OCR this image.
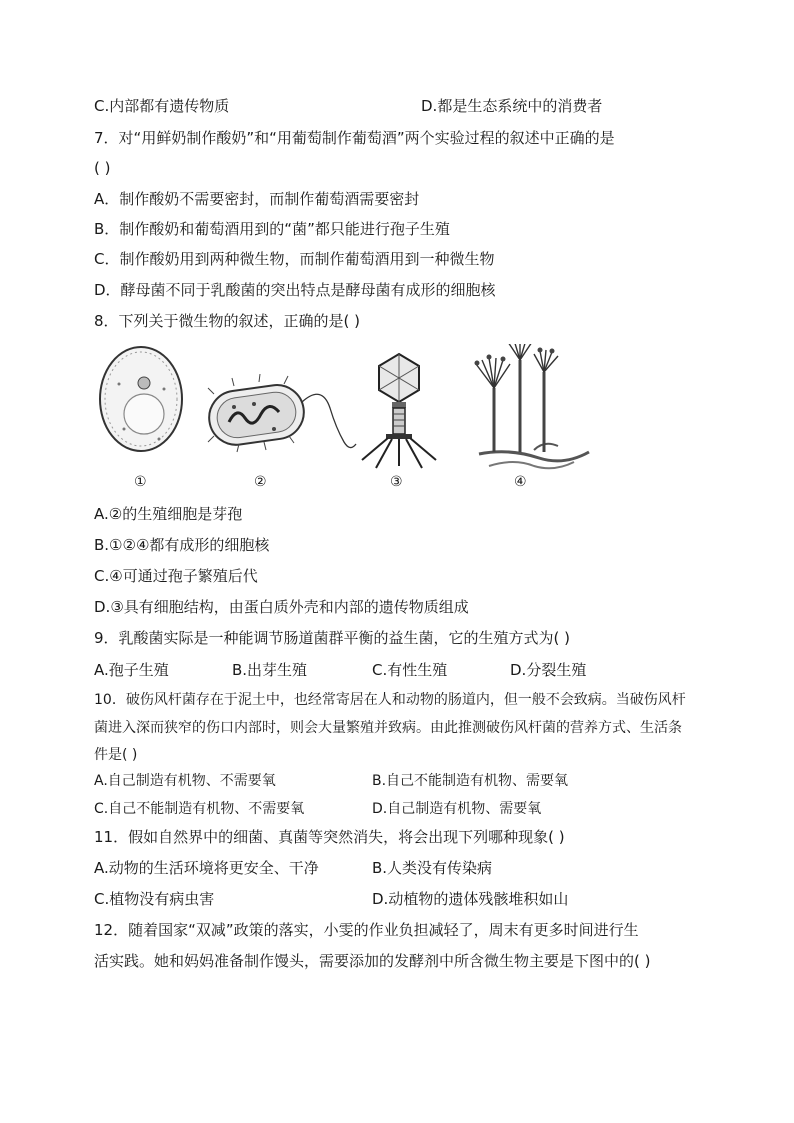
C.内部都有遗传物质	D.都是生态系统中的消费者
7．对“用鲜奶制作酸奶”和“用葡萄制作葡萄酒”两个实验过程的叙述中正确的是
( )
A．制作酸奶不需要密封，而制作葡萄酒需要密封
B．制作酸奶和葡萄酒用到的“菌”都只能进行孢子生殖
C．制作酸奶用到两种微生物，而制作葡萄酒用到一种微生物
D．酵母菌不同于乳酸菌的突出特点是酵母菌有成形的细胞核
8．下列关于微生物的叙述，正确的是( )
①	②	③	④
A.②的生殖细胞是芽孢
B.①②④都有成形的细胞核
C.④可通过孢子繁殖后代
D.③具有细胞结构，由蛋白质外壳和内部的遗传物质组成
9．乳酸菌实际是一种能调节肠道菌群平衡的益生菌，它的生殖方式为( )
A.孢子生殖	B.出芽生殖	C.有性生殖	D.分裂生殖
10．破伤风杆菌存在于泥土中，也经常寄居在人和动物的肠道内，但一般不会致病。当破伤风杆
菌进入深而狭窄的伤口内部时，则会大量繁殖并致病。由此推测破伤风杆菌的营养方式、生活条
件是( )
A.自己制造有机物、不需要氧	B.自己不能制造有机物、需要氧
C.自己不能制造有机物、不需要氧	D.自己制造有机物、需要氧
11．假如自然界中的细菌、真菌等突然消失，将会出现下列哪种现象( )
A.动物的生活环境将更安全、干净	B.人类没有传染病
C.植物没有病虫害	D.动植物的遗体残骸堆积如山
12．随着国家“双减”政策的落实，小雯的作业负担减轻了，周末有更多时间进行生
活实践。她和妈妈准备制作馒头，需要添加的发酵剂中所含微生物主要是下图中的( )
